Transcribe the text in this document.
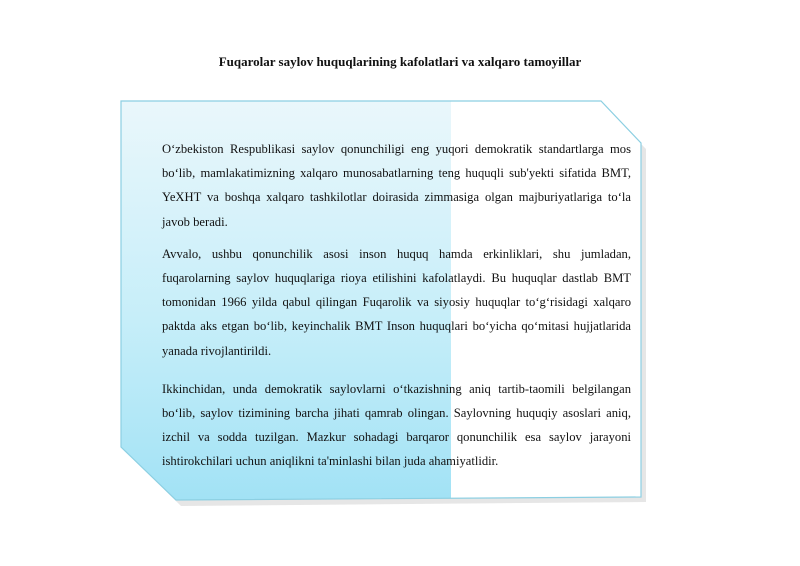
Fuqarolar saylov huquqlarining kafolatlari va xalqaro tamoyillar

O‘zbekiston Respublikasi saylov qonunchiligi eng yuqori demokratik standartlarga mos bo‘lib, mamlakatimizning xalqaro munosabatlarning teng huquqli sub'yekti sifatida BMT, YeXHT va boshqa xalqaro tashkilotlar doirasida zimmasiga olgan majburiyatlariga to‘la javob beradi.

Avvalo, ushbu qonunchilik asosi inson huquq hamda erkinliklari, shu jumladan, fuqarolarning saylov huquqlariga rioya etilishini kafolatlaydi. Bu huquqlar dastlab BMT tomonidan 1966 yilda qabul qilingan Fuqarolik va siyosiy huquqlar to‘g‘risidagi xalqaro paktda aks etgan bo‘lib, keyinchalik BMT Inson huquqlari bo‘yicha qo‘mitasi hujjatlarida yanada rivojlantirildi.

Ikkinchidan, unda demokratik saylovlarni o‘tkazishning aniq tartib-taomili belgilangan bo‘lib, saylov tizimining barcha jihati qamrab olingan. Saylovning huquqiy asoslari aniq, izchil va sodda tuzilgan. Mazkur sohadagi barqaror qonunchilik esa saylov jarayoni ishtirokchilari uchun aniqlikni ta'minlashi bilan juda ahamiyatlidir.
